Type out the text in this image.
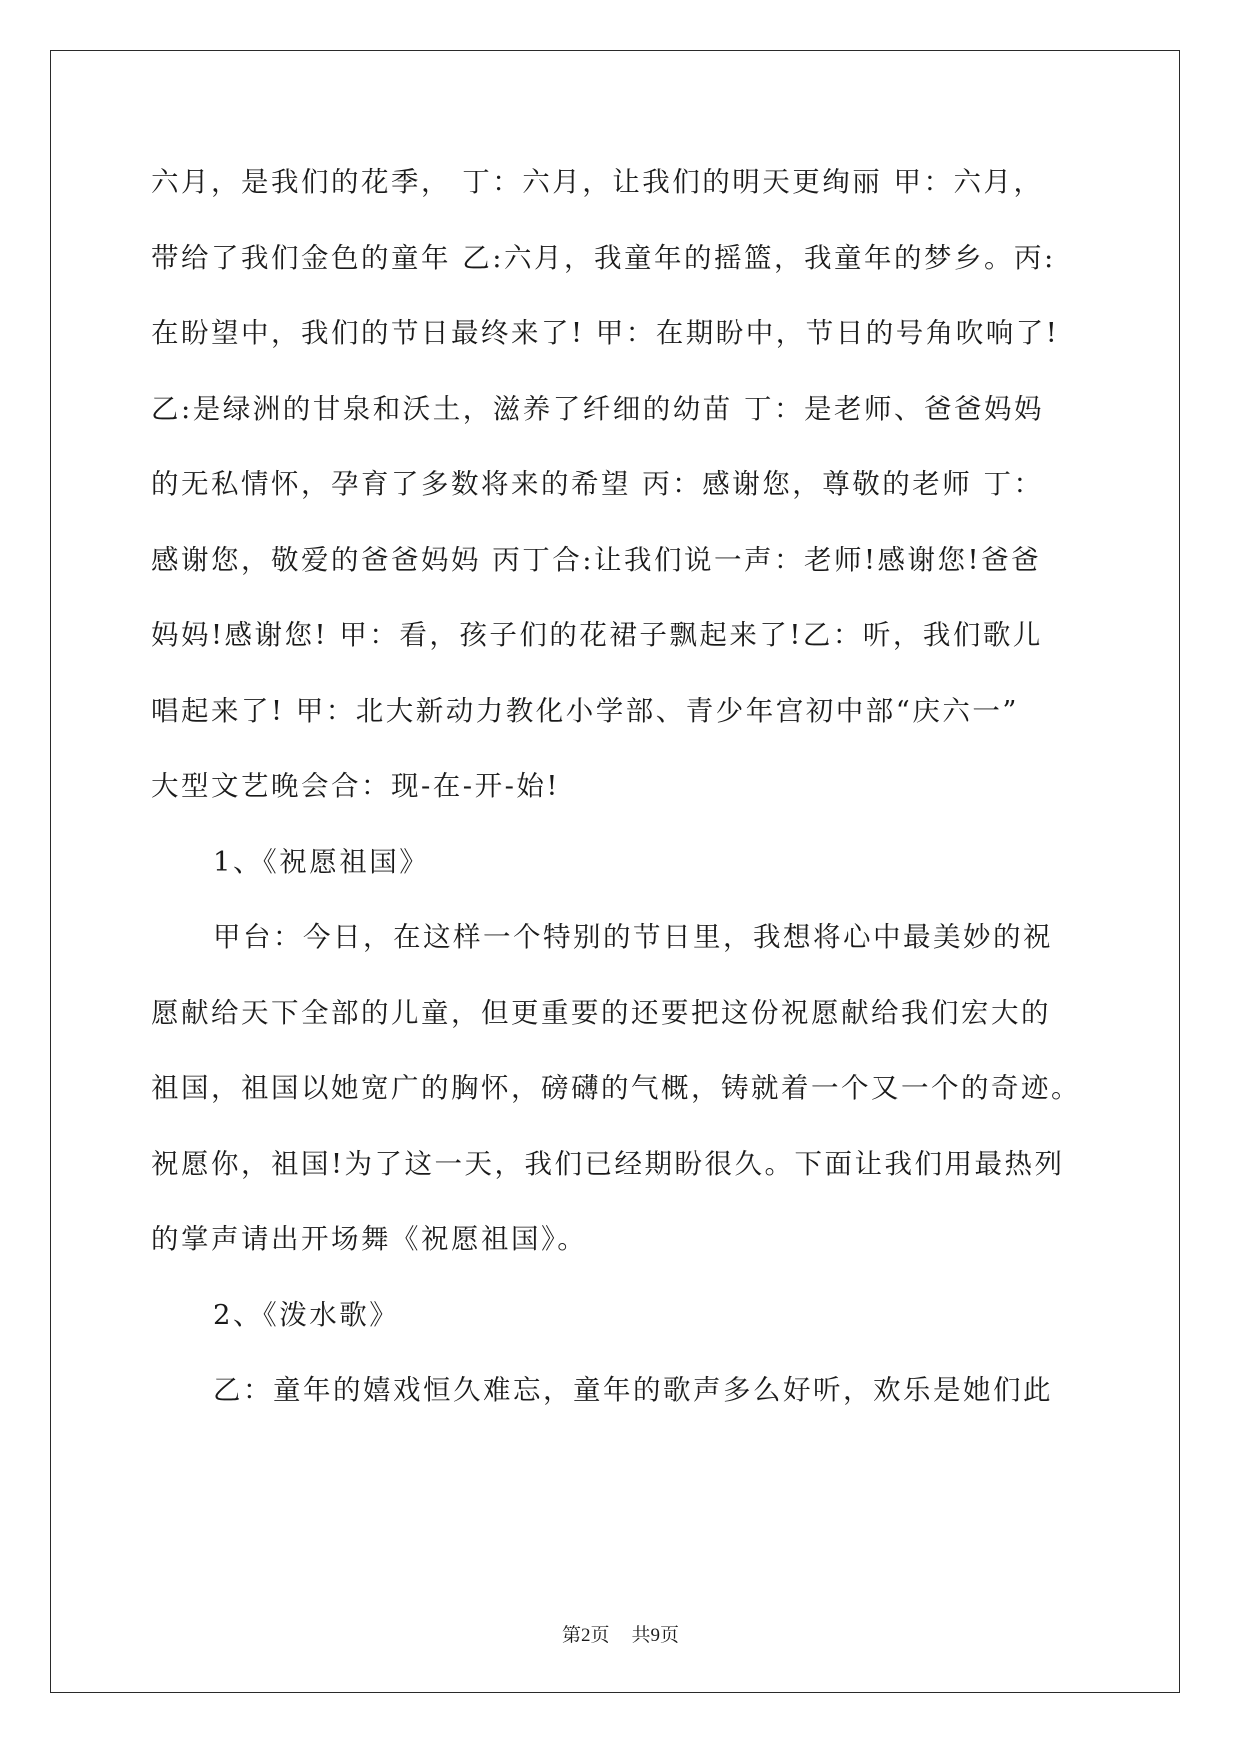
六月，是我们的花季， 丁：六月，让我们的明天更绚丽 甲：六月，
带给了我们金色的童年 乙:六月，我童年的摇篮，我童年的梦乡。丙:
在盼望中，我们的节日最终来了! 甲：在期盼中，节日的号角吹响了!
乙:是绿洲的甘泉和沃土，滋养了纤细的幼苗 丁：是老师、爸爸妈妈
的无私情怀，孕育了多数将来的希望 丙：感谢您，尊敬的老师 丁：
感谢您，敬爱的爸爸妈妈 丙丁合:让我们说一声：老师!感谢您!爸爸
妈妈!感谢您! 甲：看，孩子们的花裙子飘起来了!乙：听，我们歌儿
唱起来了! 甲：北大新动力教化小学部、青少年宫初中部“庆六一”
大型文艺晚会合：现-在-开-始!
1、《祝愿祖国》
甲台：今日，在这样一个特别的节日里，我想将心中最美妙的祝
愿献给天下全部的儿童，但更重要的还要把这份祝愿献给我们宏大的
祖国，祖国以她宽广的胸怀，磅礴的气概，铸就着一个又一个的奇迹。
祝愿你，祖国!为了这一天，我们已经期盼很久。下面让我们用最热列
的掌声请出开场舞《祝愿祖国》。
2、《泼水歌》
乙：童年的嬉戏恒久难忘，童年的歌声多么好听，欢乐是她们此
第2页 共9页
